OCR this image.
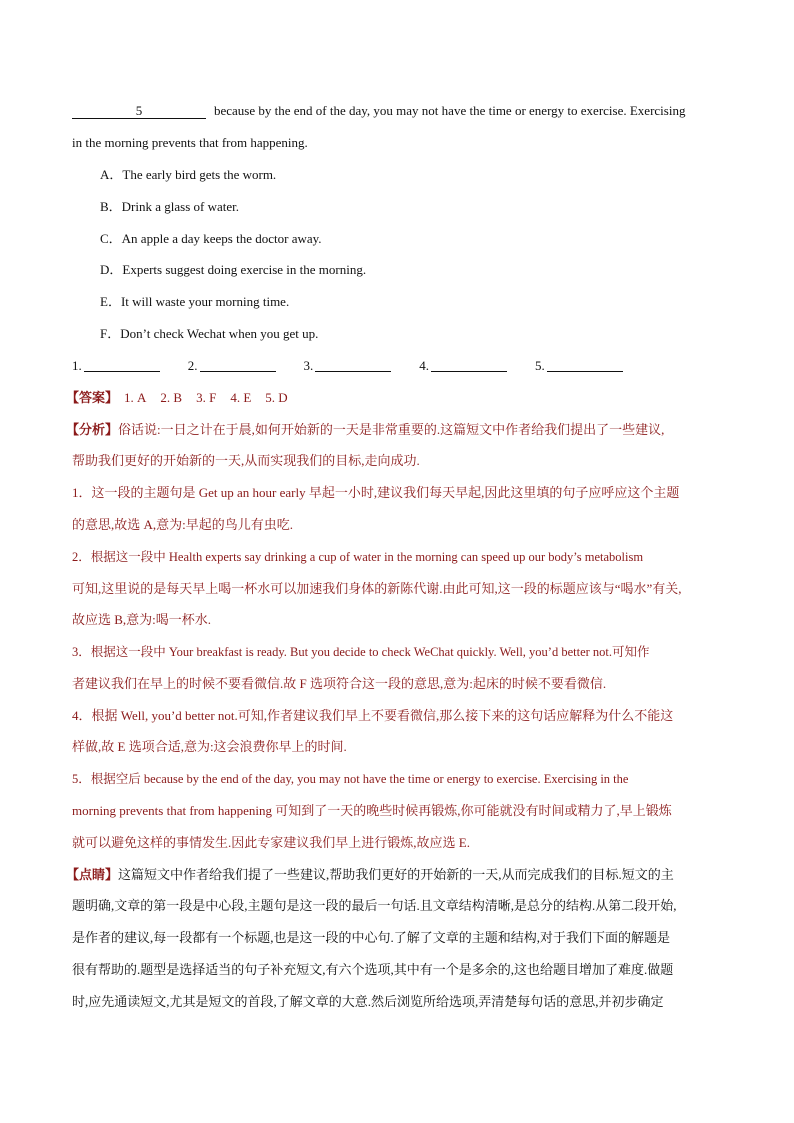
5	because by the end of the day, you may not have the time or energy to exercise. Exercising
in the morning prevents that from happening.
A．The early bird gets the worm.
B．Drink a glass of water.
C．An apple a day keeps the doctor away.
D．Experts suggest doing exercise in the morning.
E．It will waste your morning time.
F．Don’t check Wechat when you get up.
1.	2.	3.	4.	5.
【答案】 1. A 2. B 3. F 4. E 5. D
【分析】俗话说:一日之计在于晨,如何开始新的一天是非常重要的.这篇短文中作者给我们提出了一些建议,
帮助我们更好的开始新的一天,从而实现我们的目标,走向成功.
1．这一段的主题句是 Get up an hour early 早起一小时,建议我们每天早起,因此这里填的句子应呼应这个主题
的意思,故选 A,意为:早起的鸟儿有虫吃.
2．根据这一段中 Health experts say drinking a cup of water in the morning can speed up our body’s metabolism
可知,这里说的是每天早上喝一杯水可以加速我们身体的新陈代谢.由此可知,这一段的标题应该与“喝水”有关,
故应选 B,意为:喝一杯水.
3．根据这一段中 Your breakfast is ready. But you decide to check WeChat quickly. Well, you’d better not.可知作
者建议我们在早上的时候不要看微信.故 F 选项符合这一段的意思,意为:起床的时候不要看微信.
4．根据 Well, you’d better not.可知,作者建议我们早上不要看微信,那么接下来的这句话应解释为什么不能这
样做,故 E 选项合适,意为:这会浪费你早上的时间.
5．根据空后 because by the end of the day, you may not have the time or energy to exercise. Exercising in the
morning prevents that from happening 可知到了一天的晚些时候再锻炼,你可能就没有时间或精力了,早上锻炼
就可以避免这样的事情发生.因此专家建议我们早上进行锻炼,故应选 E.
【点睛】这篇短文中作者给我们提了一些建议,帮助我们更好的开始新的一天,从而完成我们的目标.短文的主
题明确,文章的第一段是中心段,主题句是这一段的最后一句话.且文章结构清晰,是总分的结构.从第二段开始,
是作者的建议,每一段都有一个标题,也是这一段的中心句.了解了文章的主题和结构,对于我们下面的解题是
很有帮助的.题型是选择适当的句子补充短文,有六个选项,其中有一个是多余的,这也给题目增加了难度.做题
时,应先通读短文,尤其是短文的首段,了解文章的大意.然后浏览所给选项,弄清楚每句话的意思,并初步确定
